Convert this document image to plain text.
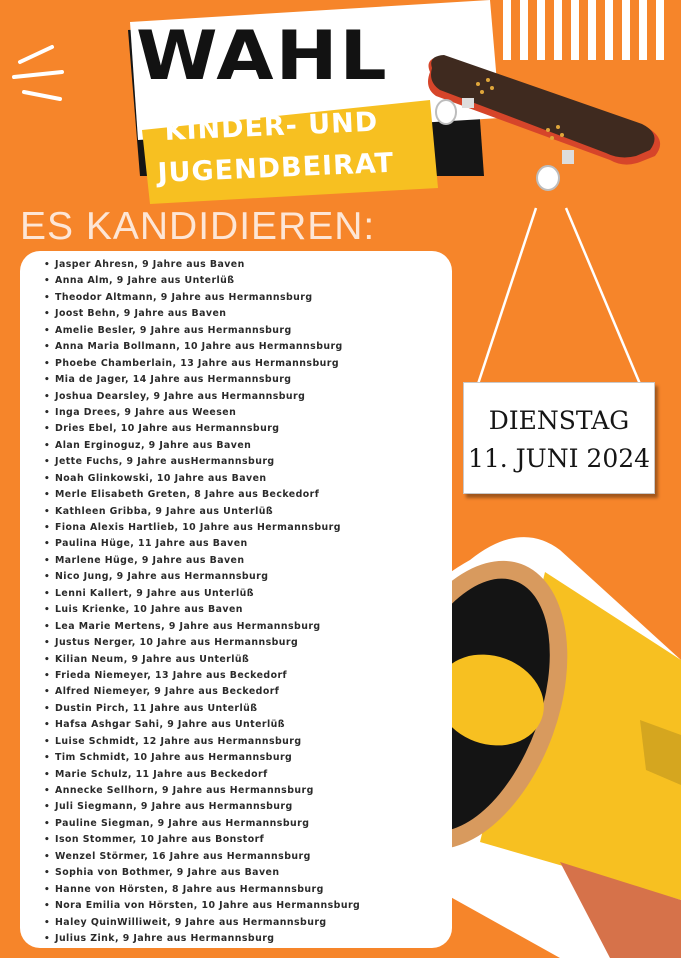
WAHL
KINDER- UND
JUGENDBEIRAT
ES KANDIDIEREN:
• Jasper Ahresn, 9 Jahre aus Baven
• Anna Alm, 9 Jahre aus Unterlüß
• Theodor Altmann, 9 Jahre aus Hermannsburg
• Joost Behn, 9 Jahre aus Baven
• Amelie Besler, 9 Jahre aus Hermannsburg
• Anna Maria Bollmann, 10 Jahre aus Hermannsburg
• Phoebe Chamberlain, 13 Jahre aus Hermannsburg
• Mia de Jager, 14 Jahre aus Hermannsburg
• Joshua Dearsley, 9 Jahre aus Hermannsburg
• Inga Drees, 9 Jahre aus Weesen
• Dries Ebel, 10 Jahre aus Hermannsburg
• Alan Erginoguz, 9 Jahre aus Baven
• Jette Fuchs, 9 Jahre ausHermannsburg
• Noah Glinkowski, 10 Jahre aus Baven
• Merle Elisabeth Greten, 8 Jahre aus Beckedorf
• Kathleen Gribba, 9 Jahre aus Unterlüß
• Fiona Alexis Hartlieb, 10 Jahre aus Hermannsburg
• Paulina Hüge, 11 Jahre aus Baven
• Marlene Hüge, 9 Jahre aus Baven
• Nico Jung, 9 Jahre aus Hermannsburg
• Lenni Kallert, 9 Jahre aus Unterlüß
• Luis Krienke, 10 Jahre aus Baven
• Lea Marie Mertens, 9 Jahre aus Hermannsburg
• Justus Nerger, 10 Jahre aus Hermannsburg
• Kilian Neum, 9 Jahre aus Unterlüß
• Frieda Niemeyer, 13 Jahre aus Beckedorf
• Alfred Niemeyer, 9 Jahre aus Beckedorf
• Dustin Pirch, 11 Jahre aus Unterlüß
• Hafsa Ashgar Sahi, 9 Jahre aus Unterlüß
• Luise Schmidt, 12 Jahre aus Hermannsburg
• Tim Schmidt, 10 Jahre aus Hermannsburg
• Marie Schulz, 11 Jahre aus Beckedorf
• Annecke Sellhorn, 9 Jahre aus Hermannsburg
• Juli Siegmann, 9 Jahre aus Hermannsburg
• Pauline Siegman, 9 Jahre aus Hermannsburg
• Ison Stommer, 10 Jahre aus Bonstorf
• Wenzel Störmer, 16 Jahre aus Hermannsburg
• Sophia von Bothmer, 9 Jahre aus Baven
• Hanne von Hörsten, 8 Jahre aus Hermannsburg
• Nora Emilia von Hörsten, 10 Jahre aus Hermannsburg
• Haley QuinWilliweit, 9 Jahre aus Hermannsburg
• Julius Zink, 9 Jahre aus Hermannsburg
DIENSTAG
11. JUNI 2024
